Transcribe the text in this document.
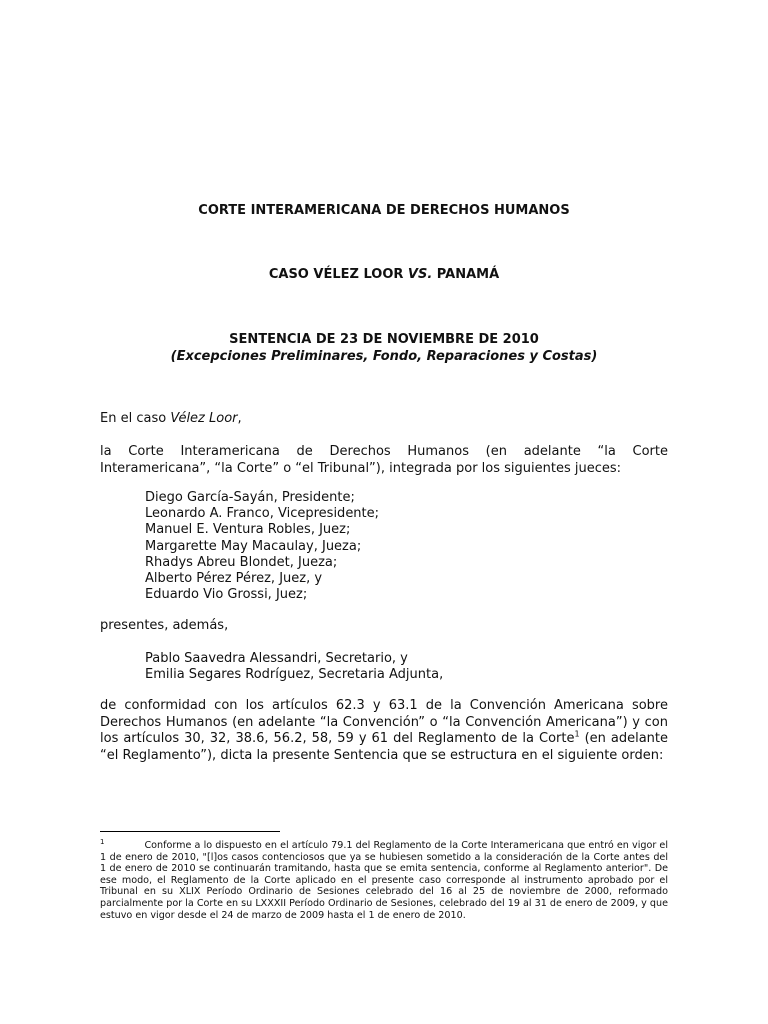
CORTE INTERAMERICANA DE DERECHOS HUMANOS
CASO VÉLEZ LOOR VS. PANAMÁ
SENTENCIA DE 23 DE NOVIEMBRE DE 2010
(Excepciones Preliminares, Fondo, Reparaciones y Costas)
En el caso Vélez Loor,
la Corte Interamericana de Derechos Humanos (en adelante “la Corte Interamericana”, “la Corte” o “el Tribunal”), integrada por los siguientes jueces:
Diego García-Sayán, Presidente;
Leonardo A. Franco, Vicepresidente;
Manuel E. Ventura Robles, Juez;
Margarette May Macaulay, Jueza;
Rhadys Abreu Blondet, Jueza;
Alberto Pérez Pérez, Juez, y
Eduardo Vio Grossi, Juez;
presentes, además,
Pablo Saavedra Alessandri, Secretario, y
Emilia Segares Rodríguez, Secretaria Adjunta,
de conformidad con los artículos 62.3 y 63.1 de la Convención Americana sobre Derechos Humanos (en adelante “la Convención” o “la Convención Americana”) y con los artículos 30, 32, 38.6, 56.2, 58, 59 y 61 del Reglamento de la Corte$^1$ (en adelante “el Reglamento”), dicta la presente Sentencia que se estructura en el siguiente orden:
$^1$	Conforme a lo dispuesto en el artículo 79.1 del Reglamento de la Corte Interamericana que entró en vigor el 1 de enero de 2010, "[l]os casos contenciosos que ya se hubiesen sometido a la consideración de la Corte antes del 1 de enero de 2010 se continuarán tramitando, hasta que se emita sentencia, conforme al Reglamento anterior". De ese modo, el Reglamento de la Corte aplicado en el presente caso corresponde al instrumento aprobado por el Tribunal en su XLIX Período Ordinario de Sesiones celebrado del 16 al 25 de noviembre de 2000, reformado parcialmente por la Corte en su LXXXII Período Ordinario de Sesiones, celebrado del 19 al 31 de enero de 2009, y que estuvo en vigor desde el 24 de marzo de 2009 hasta el 1 de enero de 2010.
